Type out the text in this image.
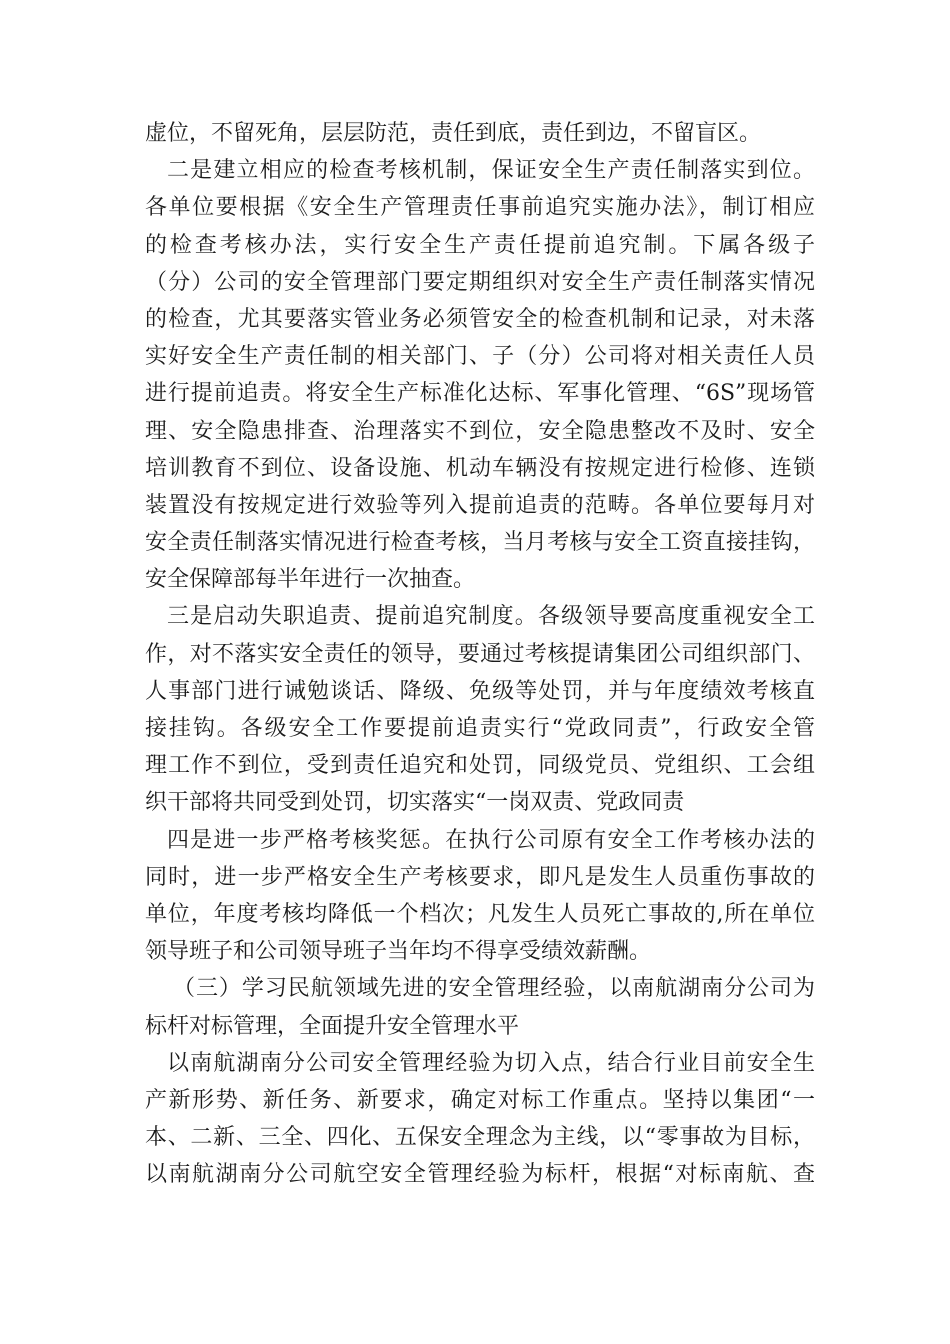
虚位，不留死角，层层防范，责任到底，责任到边，不留盲区。
二是建立相应的检查考核机制，保证安全生产责任制落实到位。
各单位要根据《安全生产管理责任事前追究实施办法》，制订相应
的检查考核办法，实行安全生产责任提前追究制。下属各级子
（分）公司的安全管理部门要定期组织对安全生产责任制落实情况
的检查，尤其要落实管业务必须管安全的检查机制和记录，对未落
实好安全生产责任制的相关部门、子（分）公司将对相关责任人员
进行提前追责。将安全生产标准化达标、军事化管理、“6S”现场管
理、安全隐患排查、治理落实不到位，安全隐患整改不及时、安全
培训教育不到位、设备设施、机动车辆没有按规定进行检修、连锁
装置没有按规定进行效验等列入提前追责的范畴。各单位要每月对
安全责任制落实情况进行检查考核，当月考核与安全工资直接挂钩，
安全保障部每半年进行一次抽查。
三是启动失职追责、提前追究制度。各级领导要高度重视安全工
作，对不落实安全责任的领导，要通过考核提请集团公司组织部门、
人事部门进行诫勉谈话、降级、免级等处罚，并与年度绩效考核直
接挂钩。各级安全工作要提前追责实行“党政同责”，行政安全管
理工作不到位，受到责任追究和处罚，同级党员、党组织、工会组
织干部将共同受到处罚，切实落实“一岗双责、党政同责
四是进一步严格考核奖惩。在执行公司原有安全工作考核办法的
同时，进一步严格安全生产考核要求，即凡是发生人员重伤事故的
单位，年度考核均降低一个档次；凡发生人员死亡事故的,所在单位
领导班子和公司领导班子当年均不得享受绩效薪酬。
（三）学习民航领域先进的安全管理经验，以南航湖南分公司为
标杆对标管理，全面提升安全管理水平
以南航湖南分公司安全管理经验为切入点，结合行业目前安全生
产新形势、新任务、新要求，确定对标工作重点。坚持以集团“一
本、二新、三全、四化、五保安全理念为主线，以“零事故为目标，
以南航湖南分公司航空安全管理经验为标杆，根据“对标南航、查
